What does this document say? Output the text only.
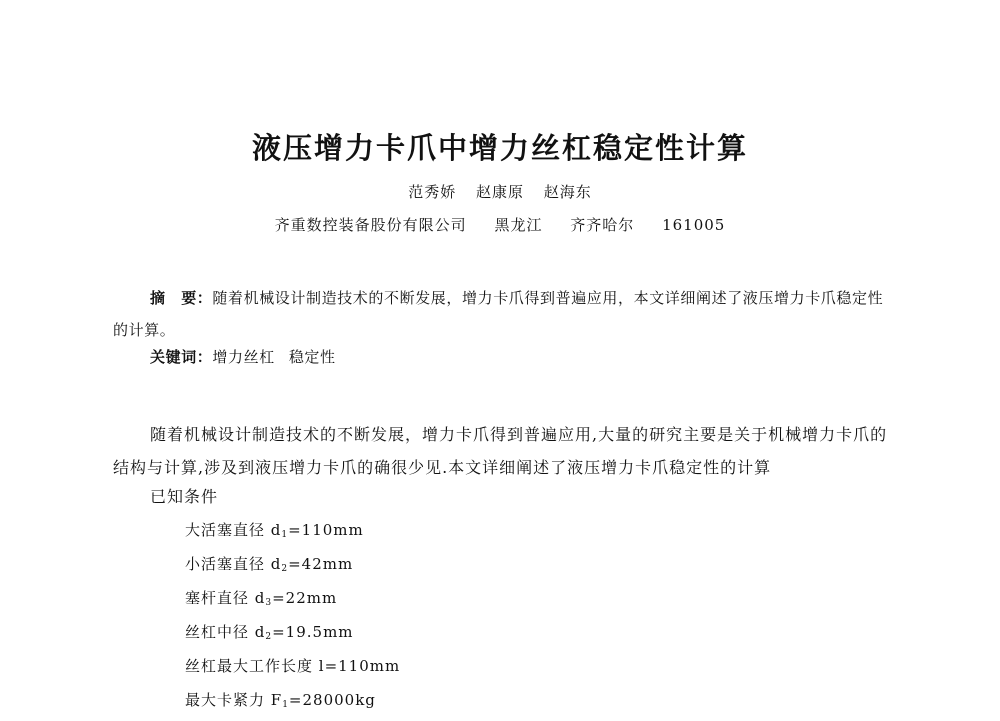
液压增力卡爪中增力丝杠稳定性计算
范秀娇 赵康原 赵海东
齐重数控装备股份有限公司 黑龙江 齐齐哈尔 161005
摘　要：随着机械设计制造技术的不断发展，增力卡爪得到普遍应用，本文详细阐述了液压增力卡爪稳定性的计算。
关键词：增力丝杠 稳定性
随着机械设计制造技术的不断发展，增力卡爪得到普遍应用,大量的研究主要是关于机械增力卡爪的结构与计算,涉及到液压增力卡爪的确很少见.本文详细阐述了液压增力卡爪稳定性的计算
已知条件
大活塞直径 $d_1=110mm$
小活塞直径 $d_2=42mm$
塞杆直径 $d_3=22mm$
丝杠中径 $d_2=19.5mm$
丝杠最大工作长度 l=110mm
最大卡紧力 $F_1=28000kg$
